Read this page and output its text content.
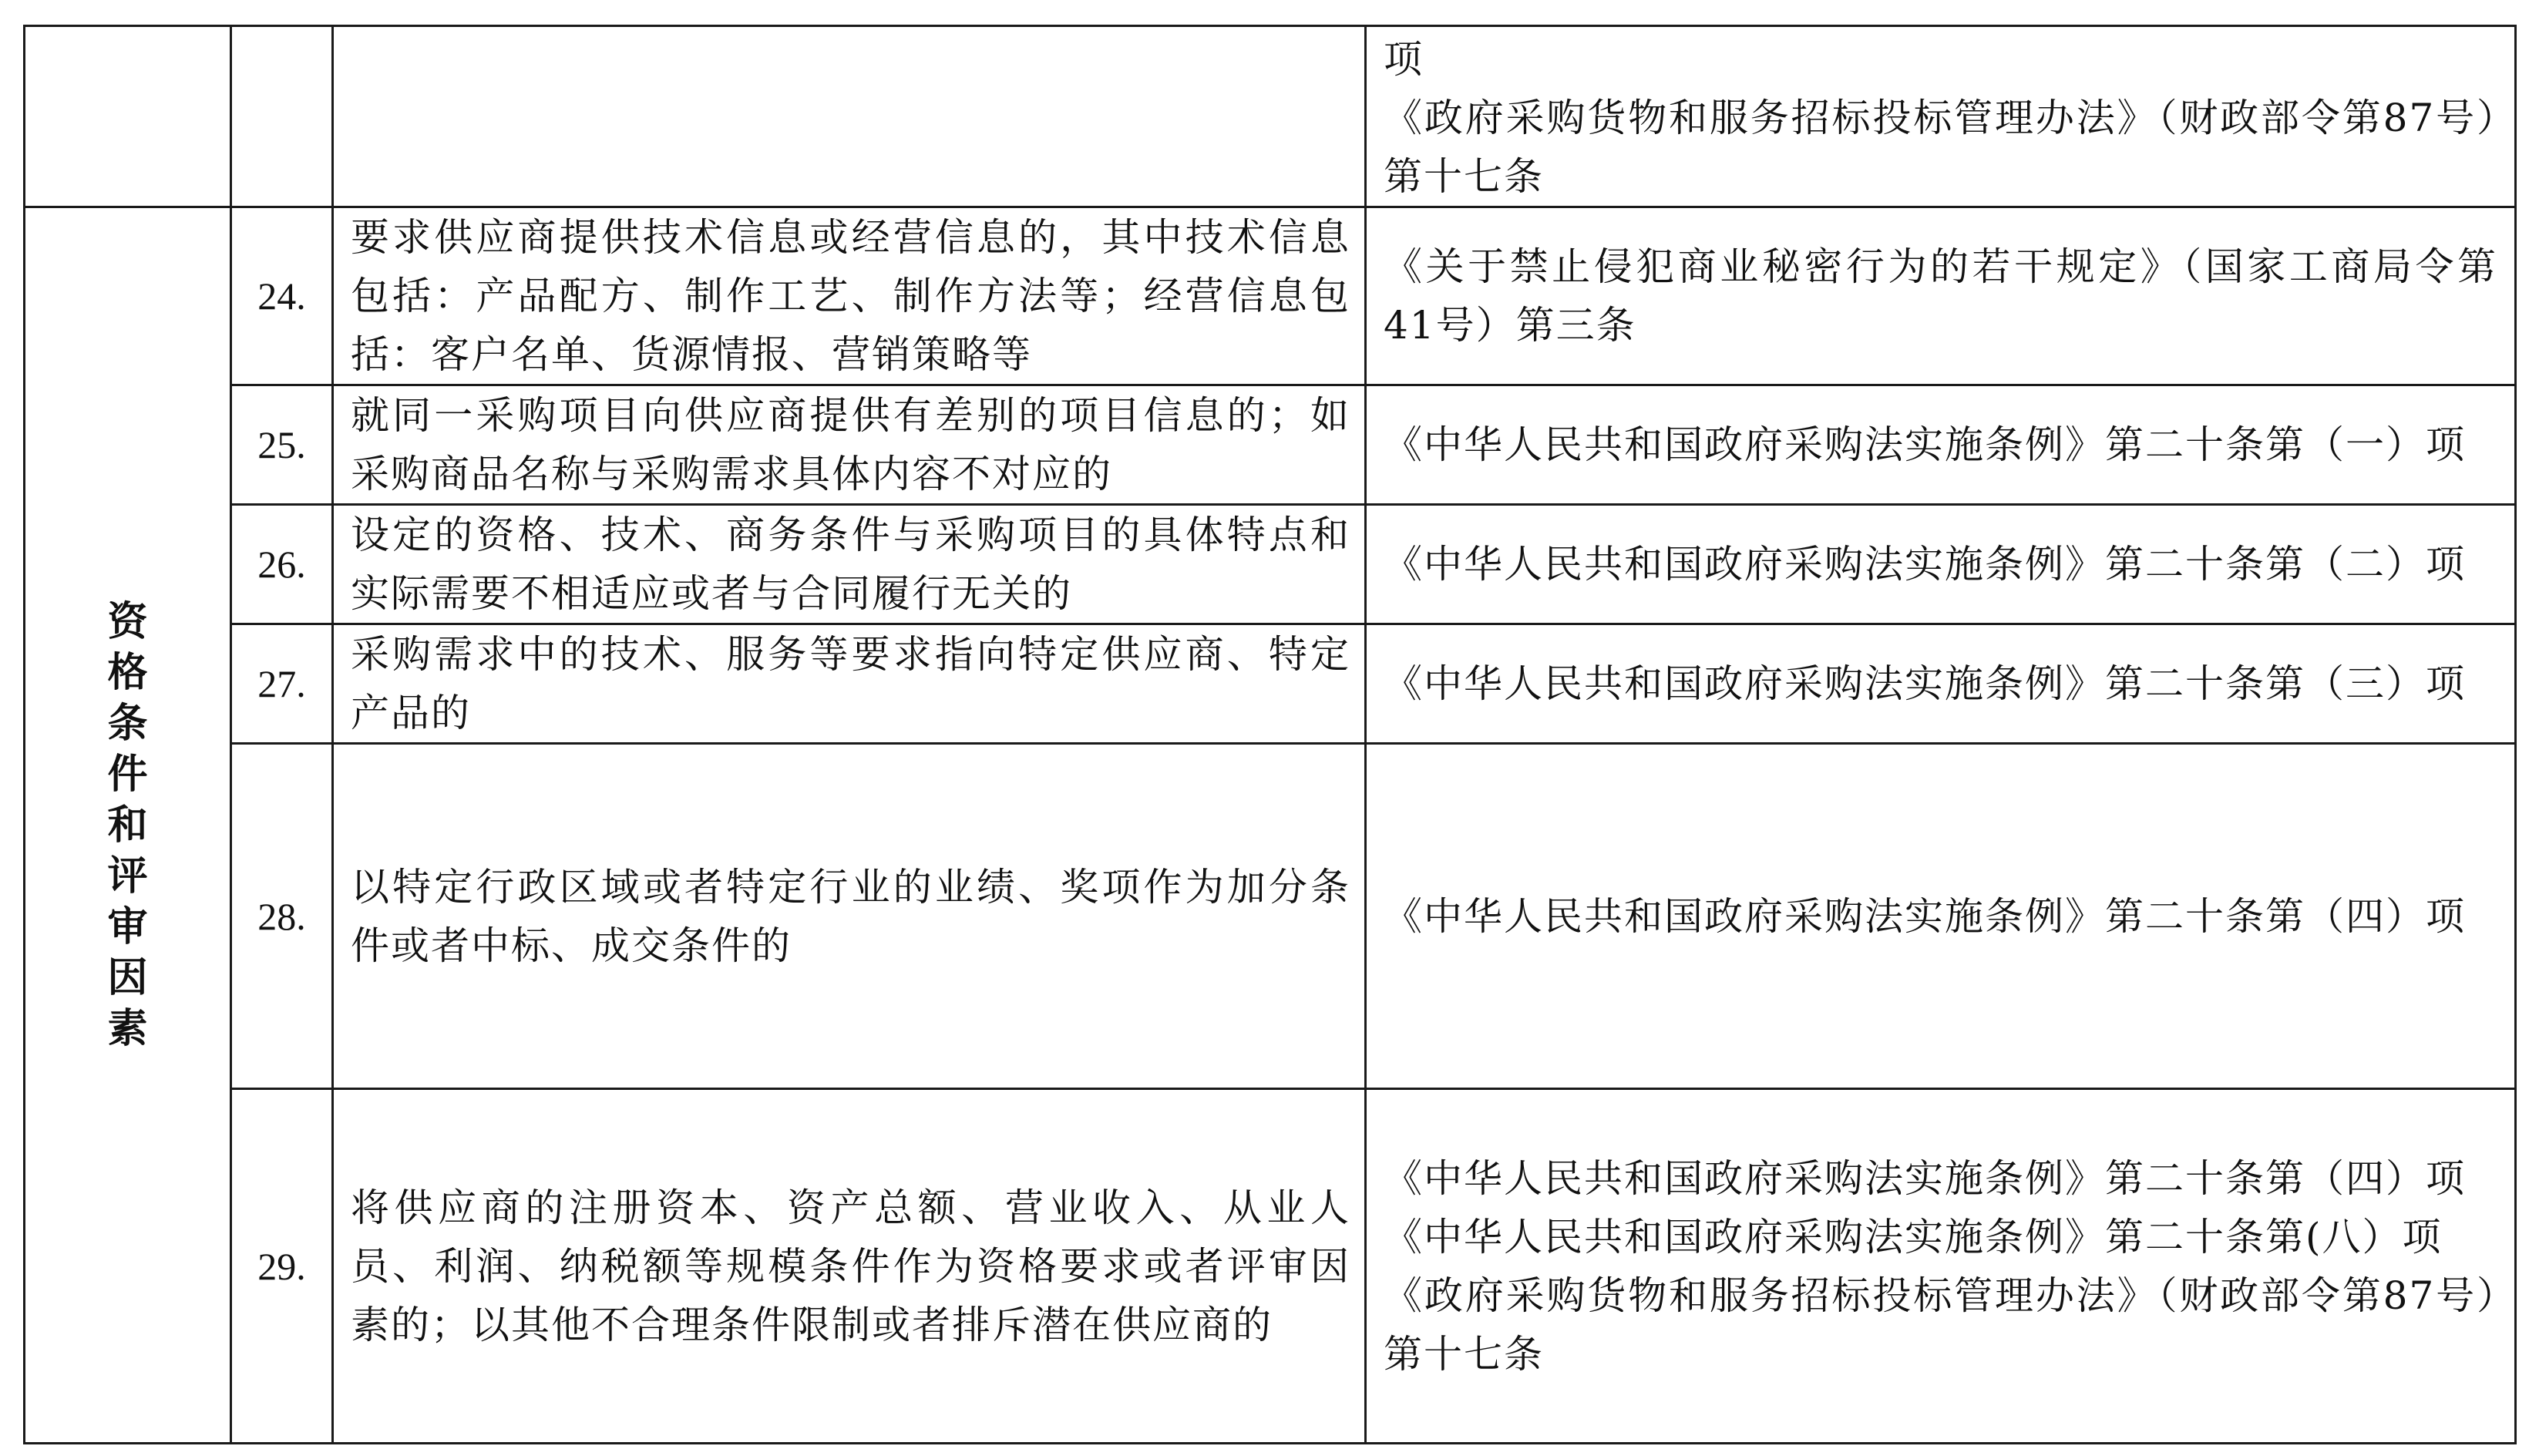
			项
《政府采购货物和服务招标投标管理办法》（财政部令第87号）第十七条

资格条件和评审因素	24.	要求供应商提供技术信息或经营信息的，其中技术信息包括：产品配方、制作工艺、制作方法等；经营信息包括：客户名单、货源情报、营销策略等	《关于禁止侵犯商业秘密行为的若干规定》（国家工商局令第41号）第三条

	25.	就同一采购项目向供应商提供有差别的项目信息的；如采购商品名称与采购需求具体内容不对应的	《中华人民共和国政府采购法实施条例》第二十条第（一）项

	26.	设定的资格、技术、商务条件与采购项目的具体特点和实际需要不相适应或者与合同履行无关的	《中华人民共和国政府采购法实施条例》第二十条第（二）项

	27.	采购需求中的技术、服务等要求指向特定供应商、特定产品的	《中华人民共和国政府采购法实施条例》第二十条第（三）项

	28.	以特定行政区域或者特定行业的业绩、奖项作为加分条件或者中标、成交条件的	《中华人民共和国政府采购法实施条例》第二十条第（四）项

	29.	将供应商的注册资本、资产总额、营业收入、从业人员、利润、纳税额等规模条件作为资格要求或者评审因素的；以其他不合理条件限制或者排斥潜在供应商的	《中华人民共和国政府采购法实施条例》第二十条第（四）项
《中华人民共和国政府采购法实施条例》第二十条第(八）项
《政府采购货物和服务招标投标管理办法》（财政部令第87号）第十七条
